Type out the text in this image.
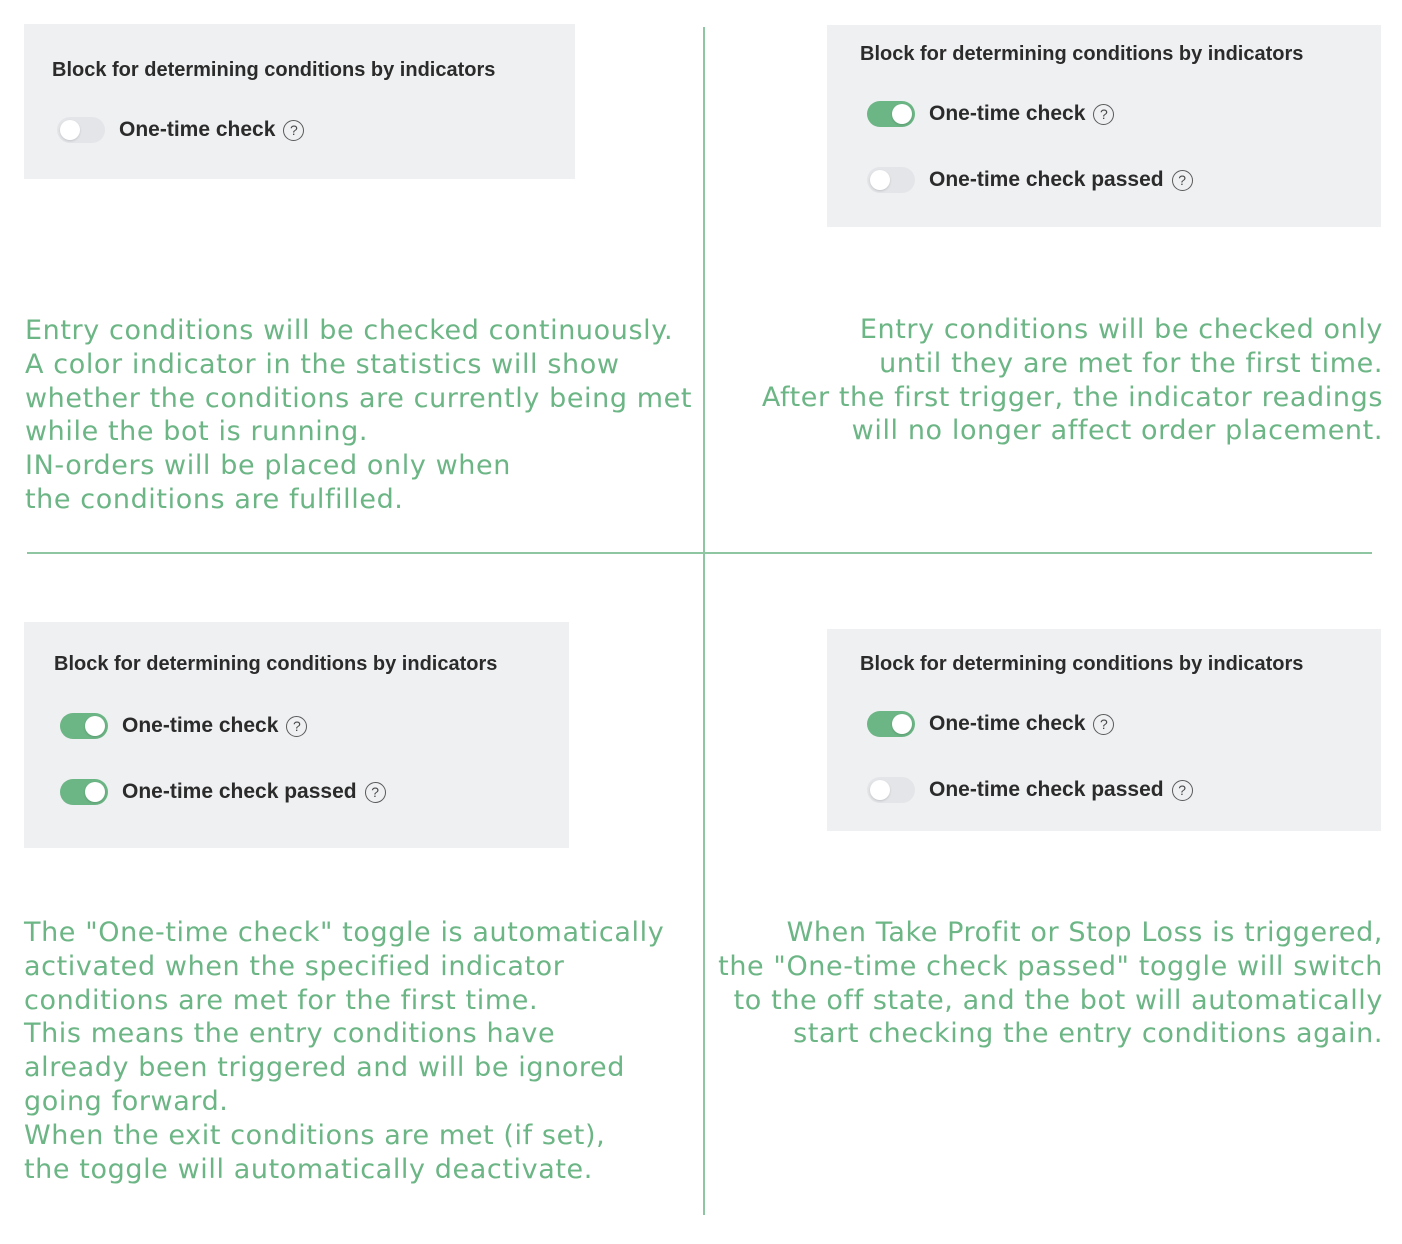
Block for determining conditions by indicators
One-time check	?
Block for determining conditions by indicators
One-time check	?
One-time check passed	?
Block for determining conditions by indicators
One-time check	?
One-time check passed	?
Block for determining conditions by indicators
One-time check	?
One-time check passed	?
Entry conditions will be checked continuously.
A color indicator in the statistics will show
whether the conditions are currently being met
while the bot is running.
IN-orders will be placed only when
the conditions are fulfilled.
Entry conditions will be checked only
until they are met for the first time.
After the first trigger, the indicator readings
will no longer affect order placement.
The "One-time check" toggle is automatically
activated when the specified indicator
conditions are met for the first time.
This means the entry conditions have
already been triggered and will be ignored
going forward.
When the exit conditions are met (if set),
the toggle will automatically deactivate.
When Take Profit or Stop Loss is triggered,
the "One-time check passed" toggle will switch
to the off state, and the bot will automatically
start checking the entry conditions again.
